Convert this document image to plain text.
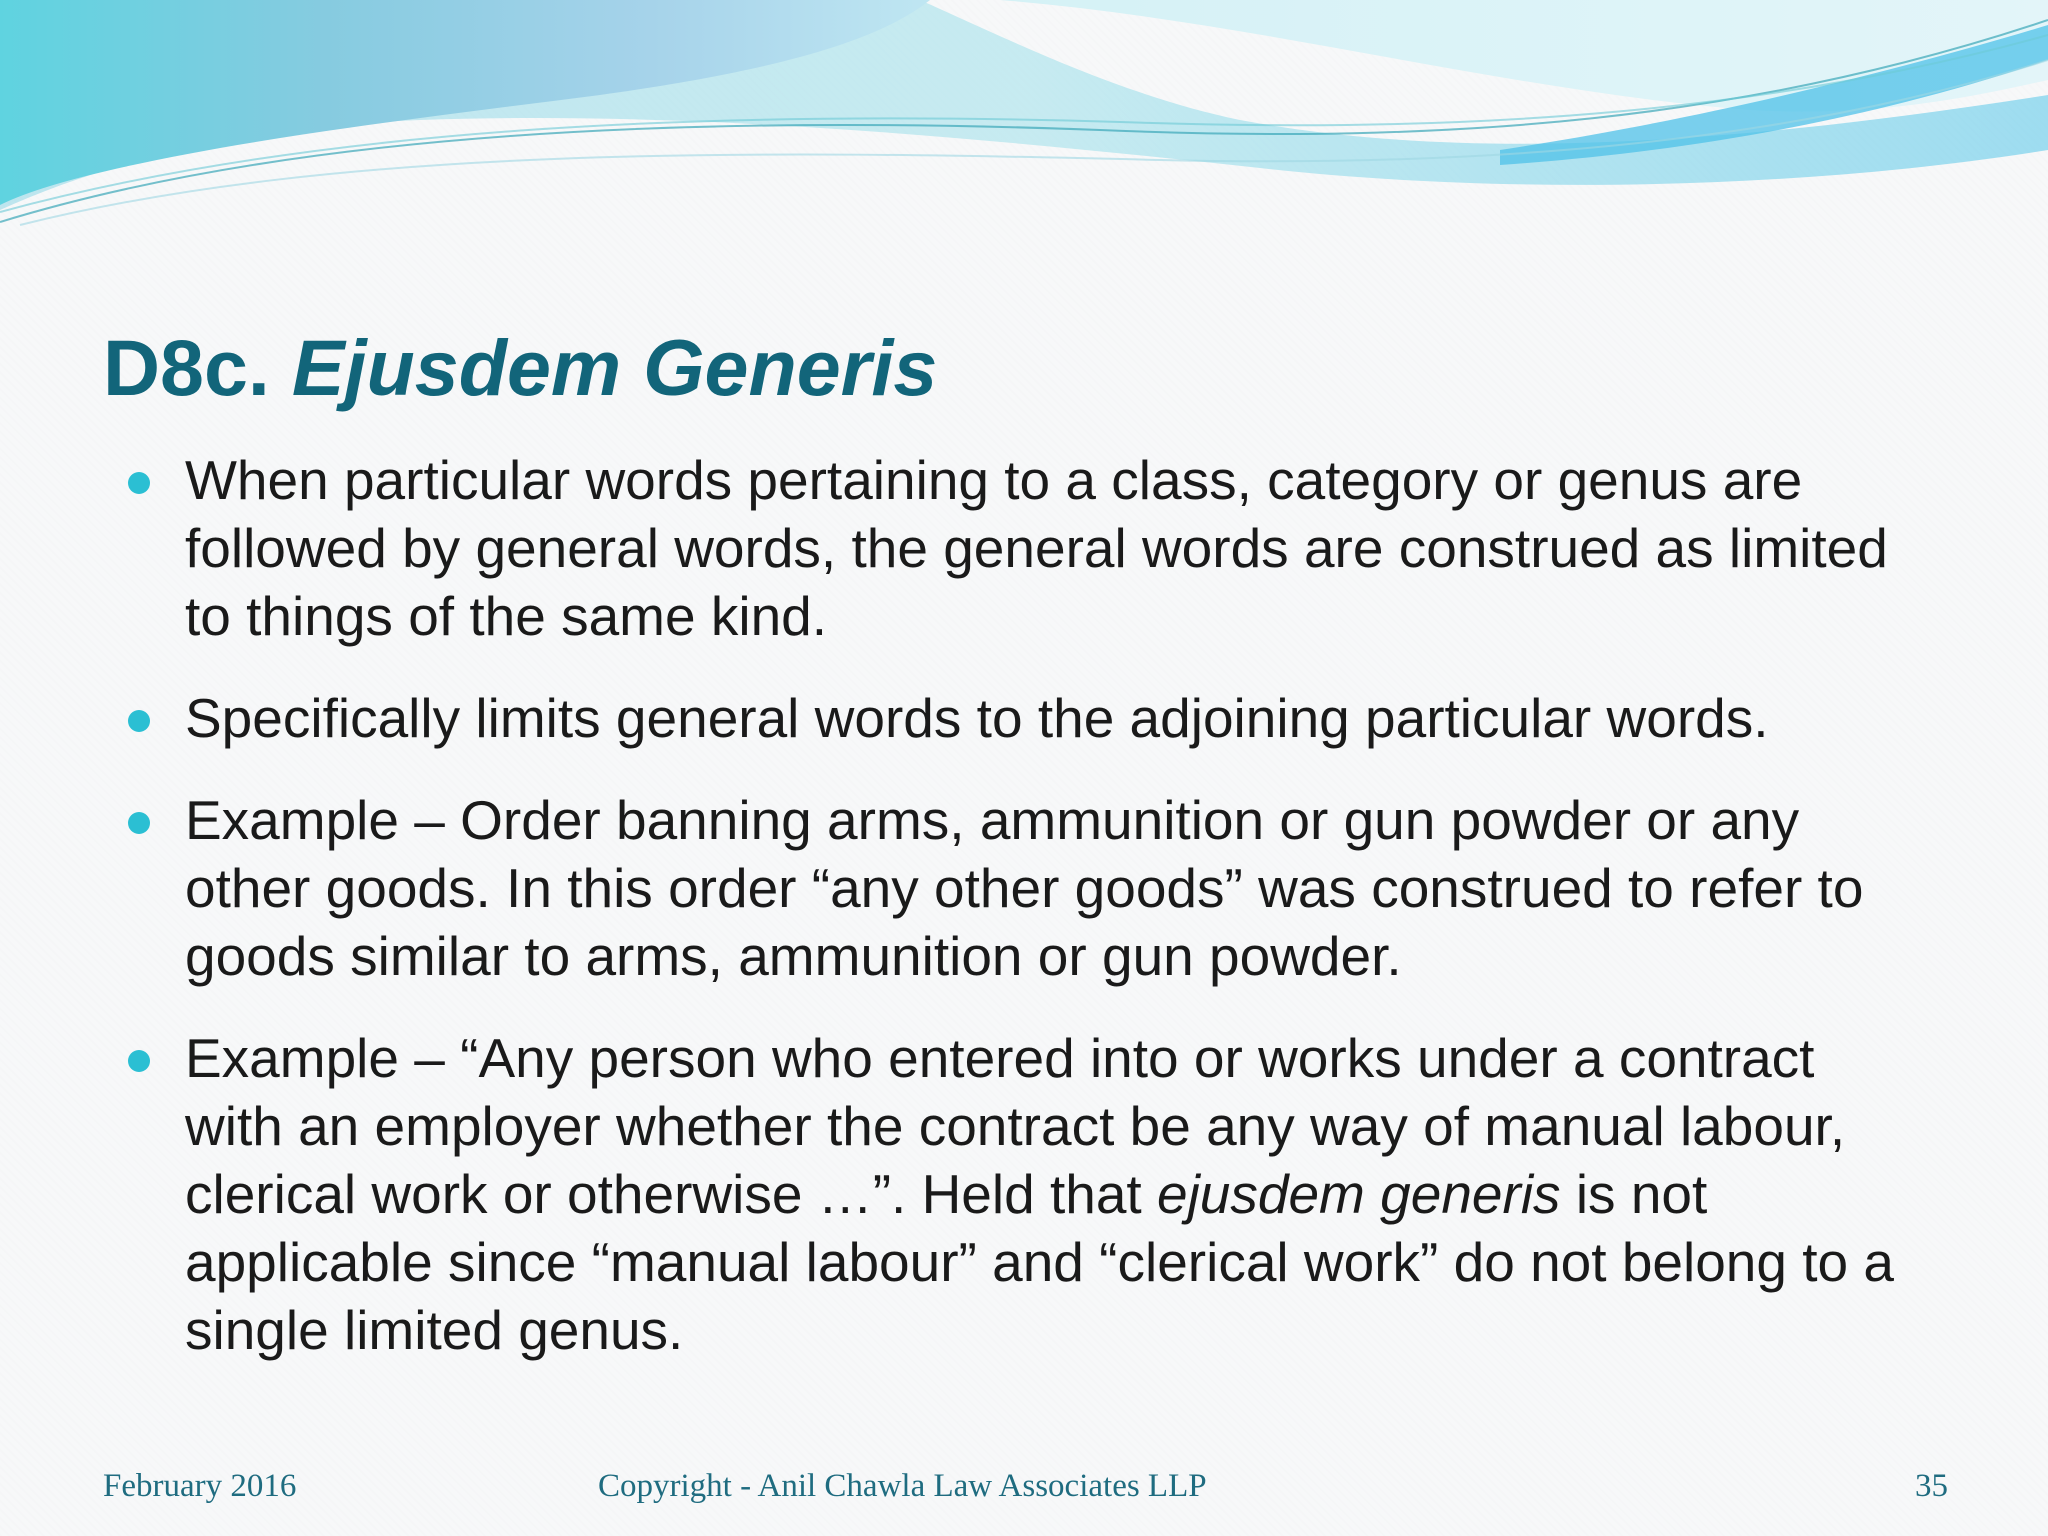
D8c. Ejusdem Generis
When particular words pertaining to a class, category or genus are followed by general words, the general words are construed as limited to things of the same kind.
Specifically limits general words to the adjoining particular words.
Example – Order banning arms, ammunition or gun powder or any other goods. In this order “any other goods” was construed to refer to goods similar to arms, ammunition or gun powder.
Example – “Any person who entered into or works under a contract with an employer whether the contract be any way of manual labour, clerical work or otherwise …”. Held that ejusdem generis is not applicable since “manual labour” and “clerical work” do not belong to a single limited genus.
February 2016	Copyright - Anil Chawla Law Associates LLP	35
